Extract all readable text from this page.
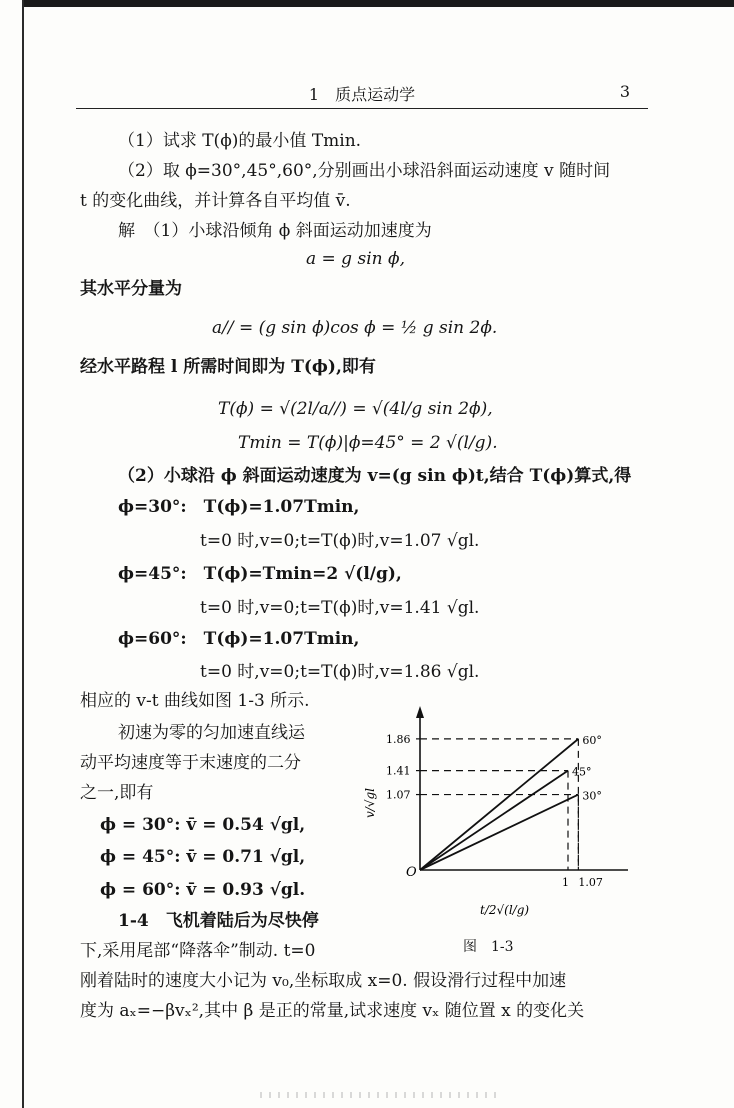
1　质点运动学	3
（1）试求 T(ϕ)的最小值 Tmin.
（2）取 ϕ=30°,45°,60°,分别画出小球沿斜面运动速度 v 随时间
t 的变化曲线，并计算各自平均值 v̄.
解　（1）小球沿倾角 ϕ 斜面运动加速度为
a = g sin ϕ,
其水平分量为
a// = (g sin ϕ)cos ϕ = ½ g sin 2ϕ.
经水平路程 l 所需时间即为 T(ϕ),即有
T(ϕ) = √(2l/a//) = √(4l/g sin 2ϕ),
Tmin = T(ϕ)|ϕ=45° = 2 √(l/g).
（2）小球沿 ϕ 斜面运动速度为 v=(g sin ϕ)t,结合 T(ϕ)算式,得
ϕ=30°:　T(ϕ)=1.07Tmin,
t=0 时,v=0;t=T(ϕ)时,v=1.07 √gl.
ϕ=45°:　T(ϕ)=Tmin=2 √(l/g),
t=0 时,v=0;t=T(ϕ)时,v=1.41 √gl.
ϕ=60°:　T(ϕ)=1.07Tmin,
t=0 时,v=0;t=T(ϕ)时,v=1.86 √gl.
相应的 v-t 曲线如图 1-3 所示.
初速为零的匀加速直线运
动平均速度等于末速度的二分
之一,即有
ϕ = 30°: v̄ = 0.54 √gl,
ϕ = 45°: v̄ = 0.71 √gl,
ϕ = 60°: v̄ = 0.93 √gl.
1-4　飞机着陆后为尽快停
下,采用尾部“降落伞”制动. t=0
刚着陆时的速度大小记为 v₀,坐标取成 x=0. 假设滑行过程中加速
度为 aₓ=−βvₓ²,其中 β 是正的常量,试求速度 vₓ 随位置 x 的变化关
60°
45°
30°
1.86
1.41
1.07
1 1.07
O
v/√gl
t/2√(l/g)
图　1-3
